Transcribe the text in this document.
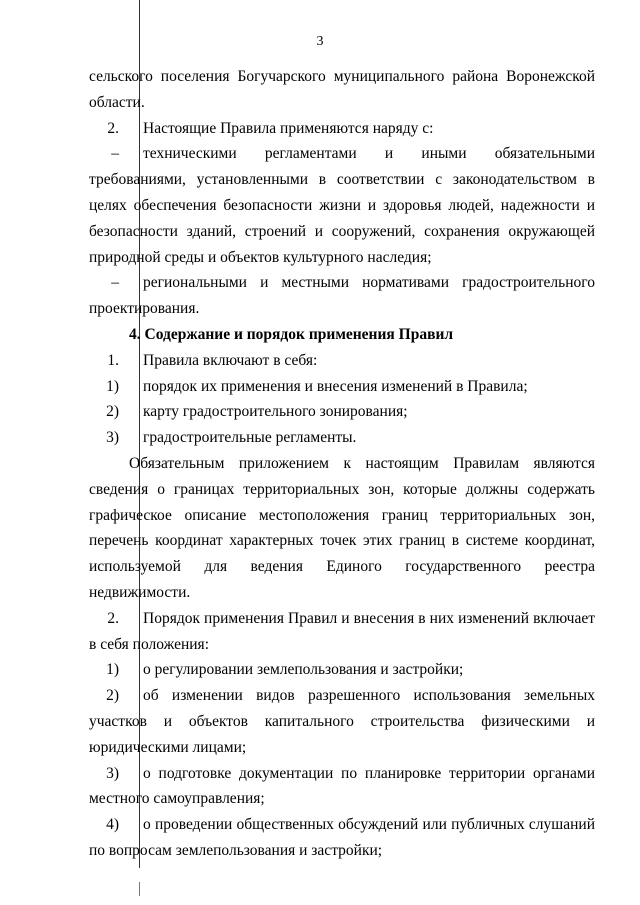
3

сельского поселения Богучарского муниципального района Воронежской области.

2. Настоящие Правила применяются наряду с:

– техническими регламентами и иными обязательными требованиями, установленными в соответствии с законодательством в целях обеспечения безопасности жизни и здоровья людей, надежности и безопасности зданий, строений и сооружений, сохранения окружающей природной среды и объектов культурного наследия;

– региональными и местными нормативами градостроительного проектирования.

4. Содержание и порядок применения Правил

1. Правила включают в себя:

1) порядок их применения и внесения изменений в Правила;

2) карту градостроительного зонирования;

3) градостроительные регламенты.

Обязательным приложением к настоящим Правилам являются сведения о границах территориальных зон, которые должны содержать графическое описание местоположения границ территориальных зон, перечень координат характерных точек этих границ в системе координат, используемой для ведения Единого государственного реестра недвижимости.

2. Порядок применения Правил и внесения в них изменений включает в себя положения:

1) о регулировании землепользования и застройки;

2) об изменении видов разрешенного использования земельных участков и объектов капитального строительства физическими и юридическими лицами;

3) о подготовке документации по планировке территории органами местного самоуправления;

4) о проведении общественных обсуждений или публичных слушаний по вопросам землепользования и застройки;
